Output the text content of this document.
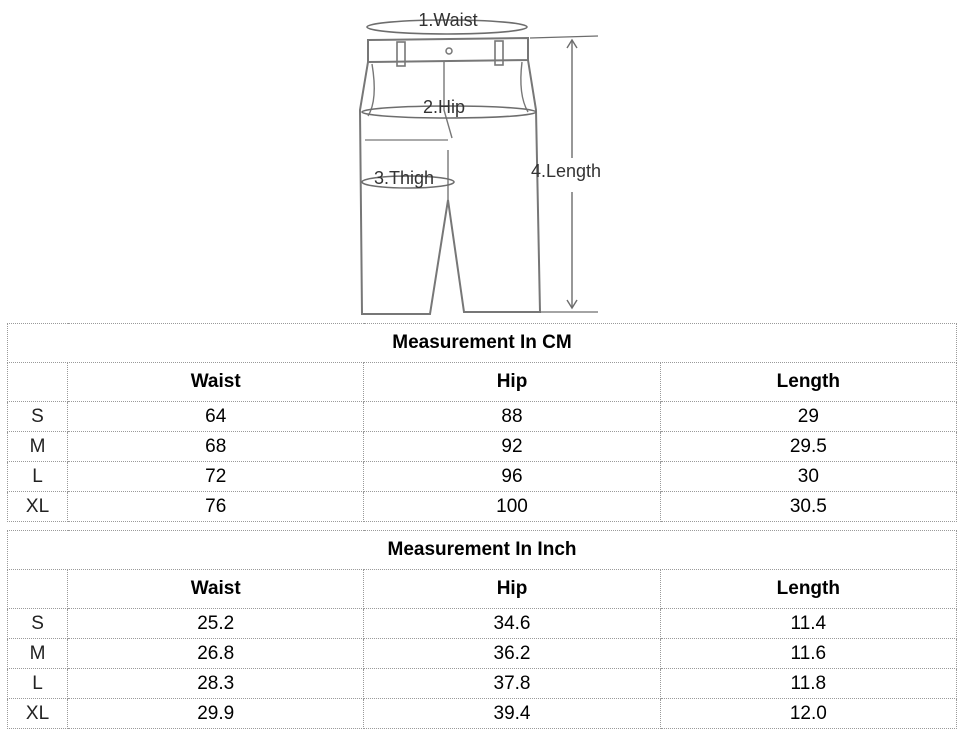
1.Waist
2.Hip
3.Thigh	4.Length
Measurement In CM			
	Waist	Hip	Length
S	64	88	29
M	68	92	29.5
L	72	96	30
XL	76	100	30.5
Measurement In Inch			
	Waist	Hip	Length
S	25.2	34.6	11.4
M	26.8	36.2	11.6
L	28.3	37.8	11.8
XL	29.9	39.4	12.0
